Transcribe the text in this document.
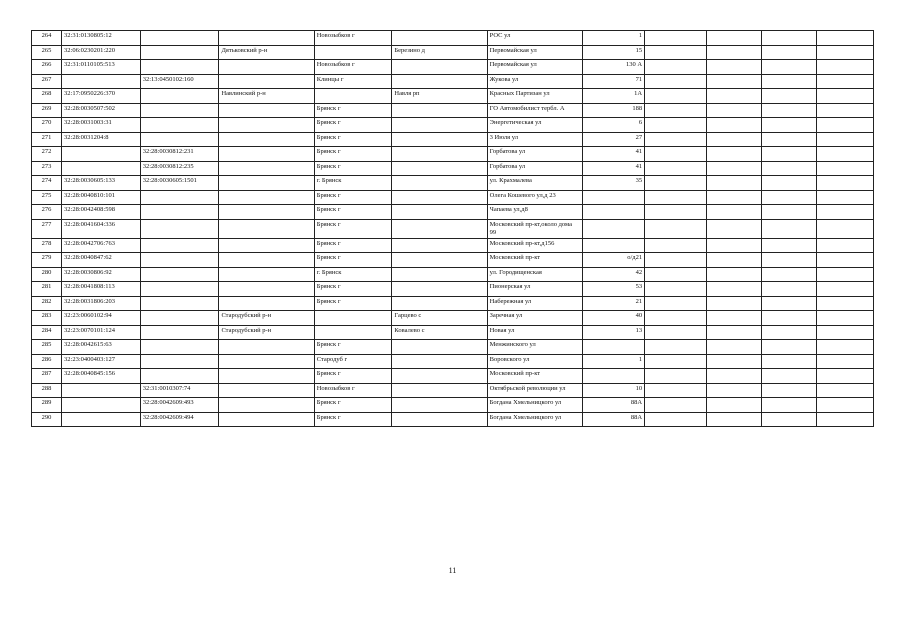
264	32:31:0130805:12			Новозыбков г		РОС ул	1				
265	32:06:0230201:220		Дятьковский р-н		Березино д	Первомайская ул	15				
266	32:31:0110105:513			Новозыбков г		Первомайская ул	130 А				
267		32:13:0450102:160		Клинцы г		Жукова ул	71				
268	32:17:0950226:370		Навлинский р-н		Навля рп	Красных Партизан ул	1А				
269	32:28:0030507:502			Брянск г		ГО Автомобилист тербл. А	188				
270	32:28:0031003:31			Брянск г		Энергетическая ул	6				
271	32:28:0031204:8			Брянск г		3 Июля ул	27				
272		32:28:0030812:231		Брянск г		Горбатова ул	41				
273		32:28:0030812:235		Брянск г		Горбатова ул	41				
274	32:28:0030605:133	32:28:0030605:1501		г. Брянск		ул. Крахмалева	35				
275	32:28:0040810:101			Брянск г		Олега Кошевого ул,д 23					
276	32:28:0042408:598			Брянск г		Чапаева ул,д8					
277	32:28:0041604:336			Брянск г		Московский пр-кт,около дома 99					
278	32:28:0042706:763			Брянск г		Московский пр-кт,д156					
279	32:28:0040847:62			Брянск г		Московский пр-кт	о/д21				
280	32:28:0030806:92			г. Брянск		ул. Городищенская	42				
281	32:28:0041808:113			Брянск г		Пионерская ул	53				
282	32:28:0031806:203			Брянск г		Набережная ул	21				
283	32:23:0060102:94		Стародубский р-н		Гарцево с	Заречная ул	40				
284	32:23:0070101:124		Стародубский р-н		Ковалево с	Новая ул	13				
285	32:28:0042615:63			Брянск г		Менжинского ул					
286	32:23:0400403:127			Стародуб г		Воровского ул	1				
287	32:28:0040845:156			Брянск г		Московский пр-кт					
288		32:31:0010307:74		Новозыбков г		Октябрьской революции ул	10				
289		32:28:0042609:493		Брянск г		Богдана Хмельницкого ул	88А				
290		32:28:0042609:494		Брянск г		Богдана Хмельницкого ул	88А				
11
